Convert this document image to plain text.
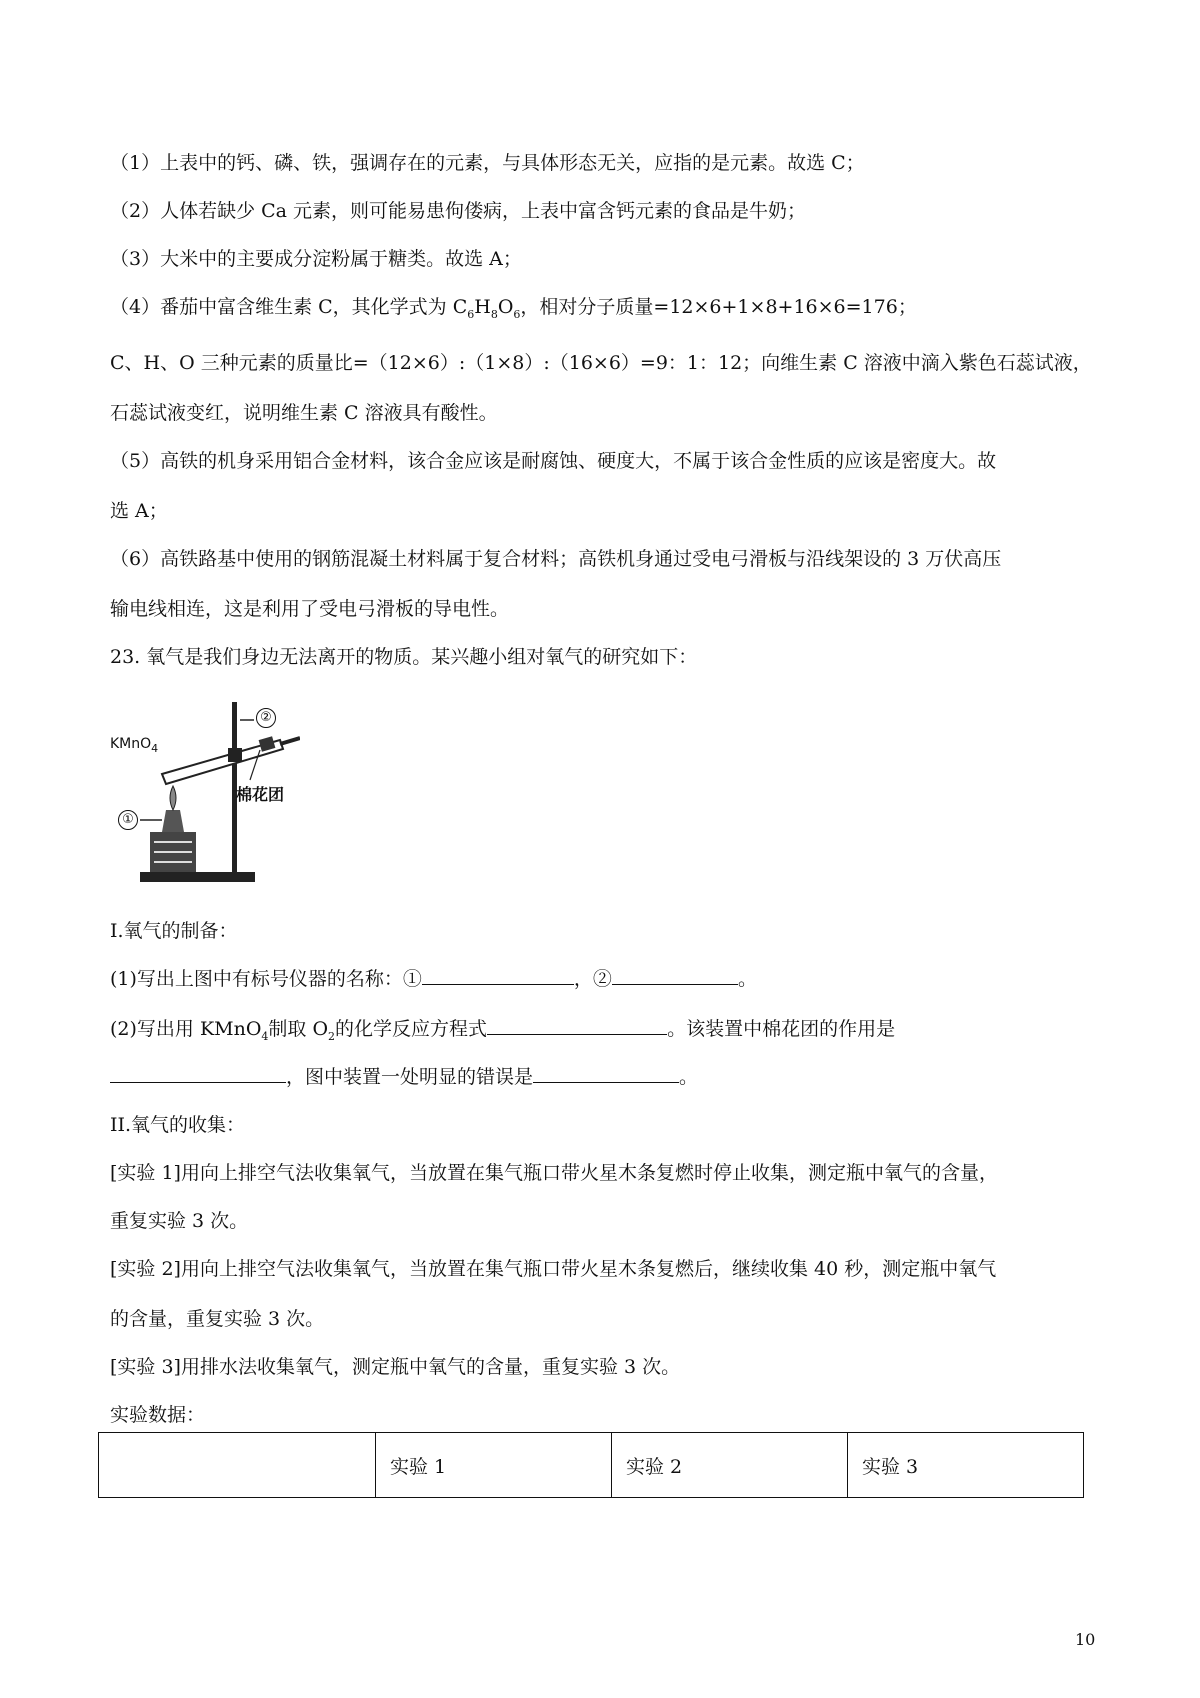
（1）上表中的钙、磷、铁，强调存在的元素，与具体形态无关，应指的是元素。故选 C；
（2）人体若缺少 Ca 元素，则可能易患佝偻病，上表中富含钙元素的食品是牛奶；
（3）大米中的主要成分淀粉属于糖类。故选 A；
（4）番茄中富含维生素 C，其化学式为 $C_6H_8O_6$，相对分子质量=12×6+1×8+16×6=176；
C、H、O 三种元素的质量比=（12×6）:（1×8）:（16×6）=9：1：12；向维生素 C 溶液中滴入紫色石蕊试液，
石蕊试液变红，说明维生素 C 溶液具有酸性。
（5）高铁的机身采用铝合金材料，该合金应该是耐腐蚀、硬度大，不属于该合金性质的应该是密度大。故
选 A；
（6）高铁路基中使用的钢筋混凝土材料属于复合材料；高铁机身通过受电弓滑板与沿线架设的 3 万伏高压
输电线相连，这是利用了受电弓滑板的导电性。
23. 氧气是我们身边无法离开的物质。某兴趣小组对氧气的研究如下：
KMnO$_4$
②
①
棉花团
I.氧气的制备：
(1)写出上图中有标号仪器的名称：①	，②	。
(2)写出用 KMnO$_4$制取 $O_2$的化学反应方程式	。该装置中棉花团的作用是
，图中装置一处明显的错误是	。
II.氧气的收集：
[实验 1]用向上排空气法收集氧气，当放置在集气瓶口带火星木条复燃时停止收集，测定瓶中氧气的含量，
重复实验 3 次。
[实验 2]用向上排空气法收集氧气，当放置在集气瓶口带火星木条复燃后，继续收集 40 秒，测定瓶中氧气
的含量，重复实验 3 次。
[实验 3]用排水法收集氧气，测定瓶中氧气的含量，重复实验 3 次。
实验数据：
	实验 1	实验 2	实验 3
10
